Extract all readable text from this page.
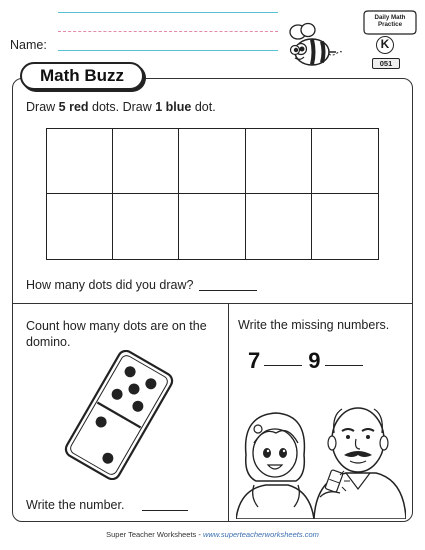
Name:
Daily Math
Practice
K
051
Math Buzz
Draw 5 red dots. Draw 1 blue dot.
How many dots did you draw?
Count how many dots are on the domino.
Write the number.
Write the missing numbers.
7 9
Super Teacher Worksheets - www.superteacherworksheets.com
